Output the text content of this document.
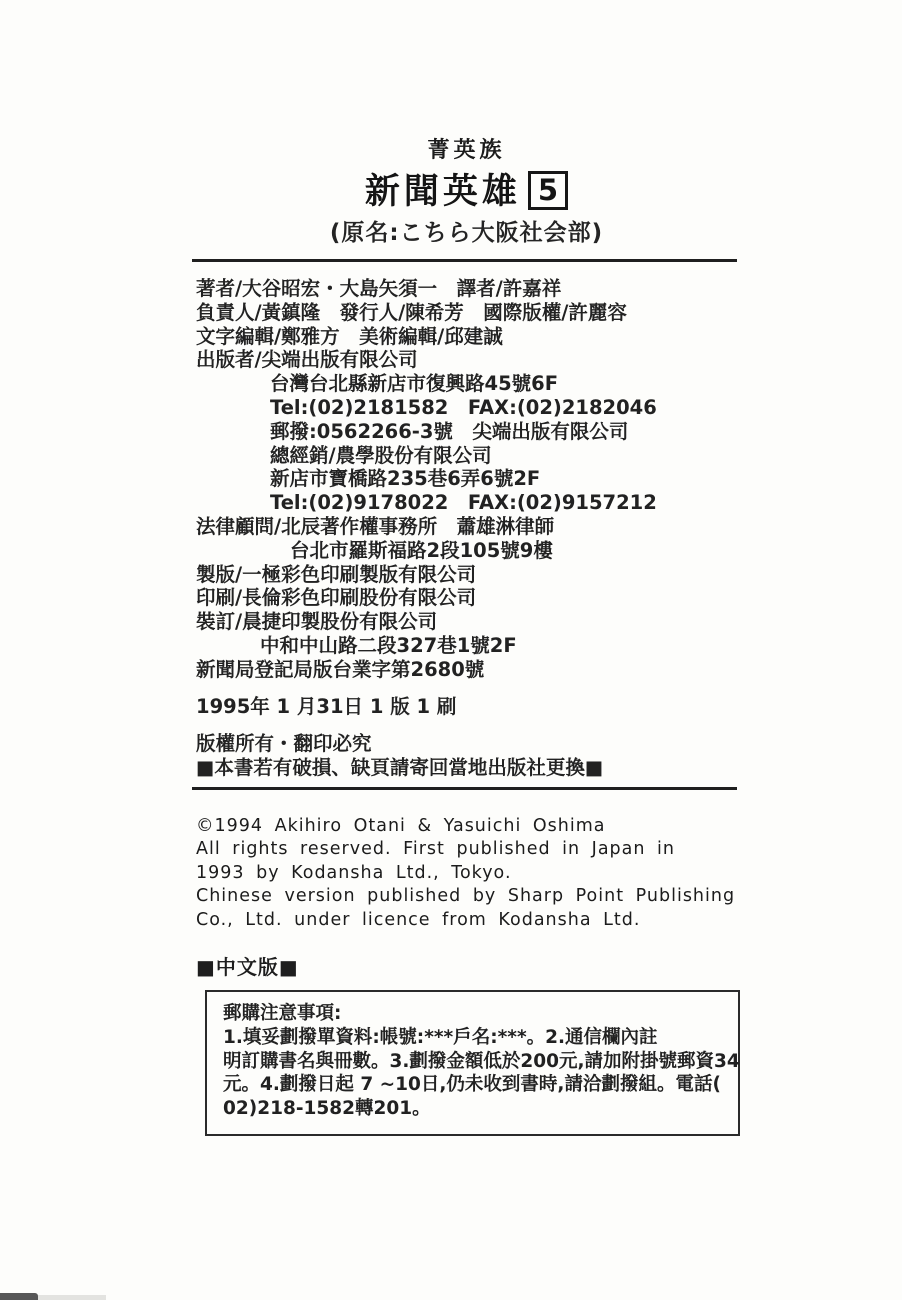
菁英族
新聞英雄 5
(原名:こちら大阪社会部)
著者/大谷昭宏・大島矢須一　譯者/許嘉祥
負責人/黃鎮隆　發行人/陳希芳　國際版權/許麗容
文字編輯/鄭雅方　美術編輯/邱建誠
出版者/尖端出版有限公司
台灣台北縣新店市復興路45號6F
Tel:(02)2181582　FAX:(02)2182046
郵撥:0562266-3號　尖端出版有限公司
總經銷/農學股份有限公司
新店市寶橋路235巷6弄6號2F
Tel:(02)9178022　FAX:(02)9157212
法律顧問/北辰著作權事務所　蕭雄淋律師
台北市羅斯福路2段105號9樓
製版/一極彩色印刷製版有限公司
印刷/長倫彩色印刷股份有限公司
裝訂/晨捷印製股份有限公司
中和中山路二段327巷1號2F
新聞局登記局版台業字第2680號
1995年 1 月31日 1 版 1 刷
版權所有・翻印必究
■本書若有破損、缺頁請寄回當地出版社更換■
©1994 Akihiro Otani & Yasuichi Oshima
All rights reserved. First published in Japan in
1993 by Kodansha Ltd., Tokyo.
Chinese version published by Sharp Point Publishing
Co., Ltd. under licence from Kodansha Ltd.
■中文版■
郵購注意事項:
1.填妥劃撥單資料:帳號:***戶名:***。2.通信欄內註
明訂購書名與冊數。3.劃撥金額低於200元,請加附掛號郵資34
元。4.劃撥日起 7 ~10日,仍未收到書時,請洽劃撥組。電話(
02)218-1582轉201。
